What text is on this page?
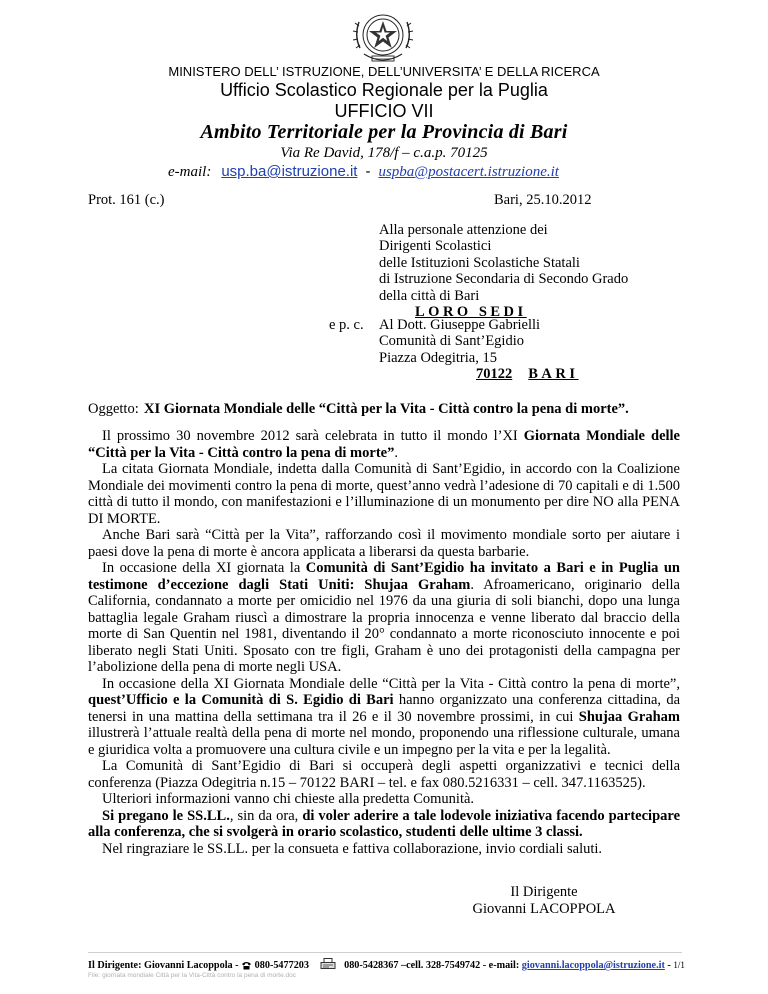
MINISTERO DELL’ ISTRUZIONE, DELL’UNIVERSITA’ E DELLA RICERCA
Ufficio Scolastico Regionale per la Puglia
UFFICIO VII
Ambito Territoriale per la Provincia di Bari
Via Re David, 178/f – c.a.p. 70125
e-mail: usp.ba@istruzione.it - uspba@postacert.istruzione.it
Prot. 161 (c.)	Bari, 25.10.2012
Alla personale attenzione dei
Dirigenti Scolastici
delle Istituzioni Scolastiche Statali
di Istruzione Secondaria di Secondo Grado
della città di Bari
LORO SEDI
e p. c. Al Dott. Giuseppe Gabrielli
Comunità di Sant’Egidio
Piazza Odegitria, 15
70122 BARI
Oggetto: XI Giornata Mondiale delle “Città per la Vita - Città contro la pena di morte”.

Il prossimo 30 novembre 2012 sarà celebrata in tutto il mondo l’XI Giornata Mondiale delle “Città per la Vita - Città contro la pena di morte”.

La citata Giornata Mondiale, indetta dalla Comunità di Sant’Egidio, in accordo con la Coalizione Mondiale dei movimenti contro la pena di morte, quest’anno vedrà l’adesione di 70 capitali e di 1.500 città di tutto il mondo, con manifestazioni e l’illuminazione di un monumento per dire NO alla PENA DI MORTE.

Anche Bari sarà “Città per la Vita”, rafforzando così il movimento mondiale sorto per aiutare i paesi dove la pena di morte è ancora applicata a liberarsi da questa barbarie.

In occasione della XI giornata la Comunità di Sant’Egidio ha invitato a Bari e in Puglia un testimone d’eccezione dagli Stati Uniti: Shujaa Graham. Afroamericano, originario della California, condannato a morte per omicidio nel 1976 da una giuria di soli bianchi, dopo una lunga battaglia legale Graham riuscì a dimostrare la propria innocenza e venne liberato dal braccio della morte di San Quentin nel 1981, diventando il 20° condannato a morte riconosciuto innocente e poi liberato negli Stati Uniti. Sposato con tre figli, Graham è uno dei protagonisti della campagna per l’abolizione della pena di morte negli USA.

In occasione della XI Giornata Mondiale delle “Città per la Vita - Città contro la pena di morte”, quest’Ufficio e la Comunità di S. Egidio di Bari hanno organizzato una conferenza cittadina, da tenersi in una mattina della settimana tra il 26 e il 30 novembre prossimi, in cui Shujaa Graham illustrerà l’attuale realtà della pena di morte nel mondo, proponendo una riflessione culturale, umana e giuridica volta a promuovere una cultura civile e un impegno per la vita e per la legalità.

La Comunità di Sant’Egidio di Bari si occuperà degli aspetti organizzativi e tecnici della conferenza (Piazza Odegitria n.15 – 70122 BARI – tel. e fax 080.5216331 – cell. 347.1163525).

Ulteriori informazioni vanno chi chieste alla predetta Comunità.

Si pregano le SS.LL., sin da ora, di voler aderire a tale lodevole iniziativa facendo partecipare alla conferenza, che si svolgerà in orario scolastico, studenti delle ultime 3 classi.

Nel ringraziare le SS.LL. per la consueta e fattiva collaborazione, invio cordiali saluti.

Il Dirigente
Giovanni LACOPPOLA
Il Dirigente: Giovanni Lacoppola - 080-5477203	080-5428367 –cell. 328-7549742 - e-mail: giovanni.lacoppola@istruzione.it - 1/1
File: giornata mondiale Città per la Vita-Città contro la pena di morte.doc
